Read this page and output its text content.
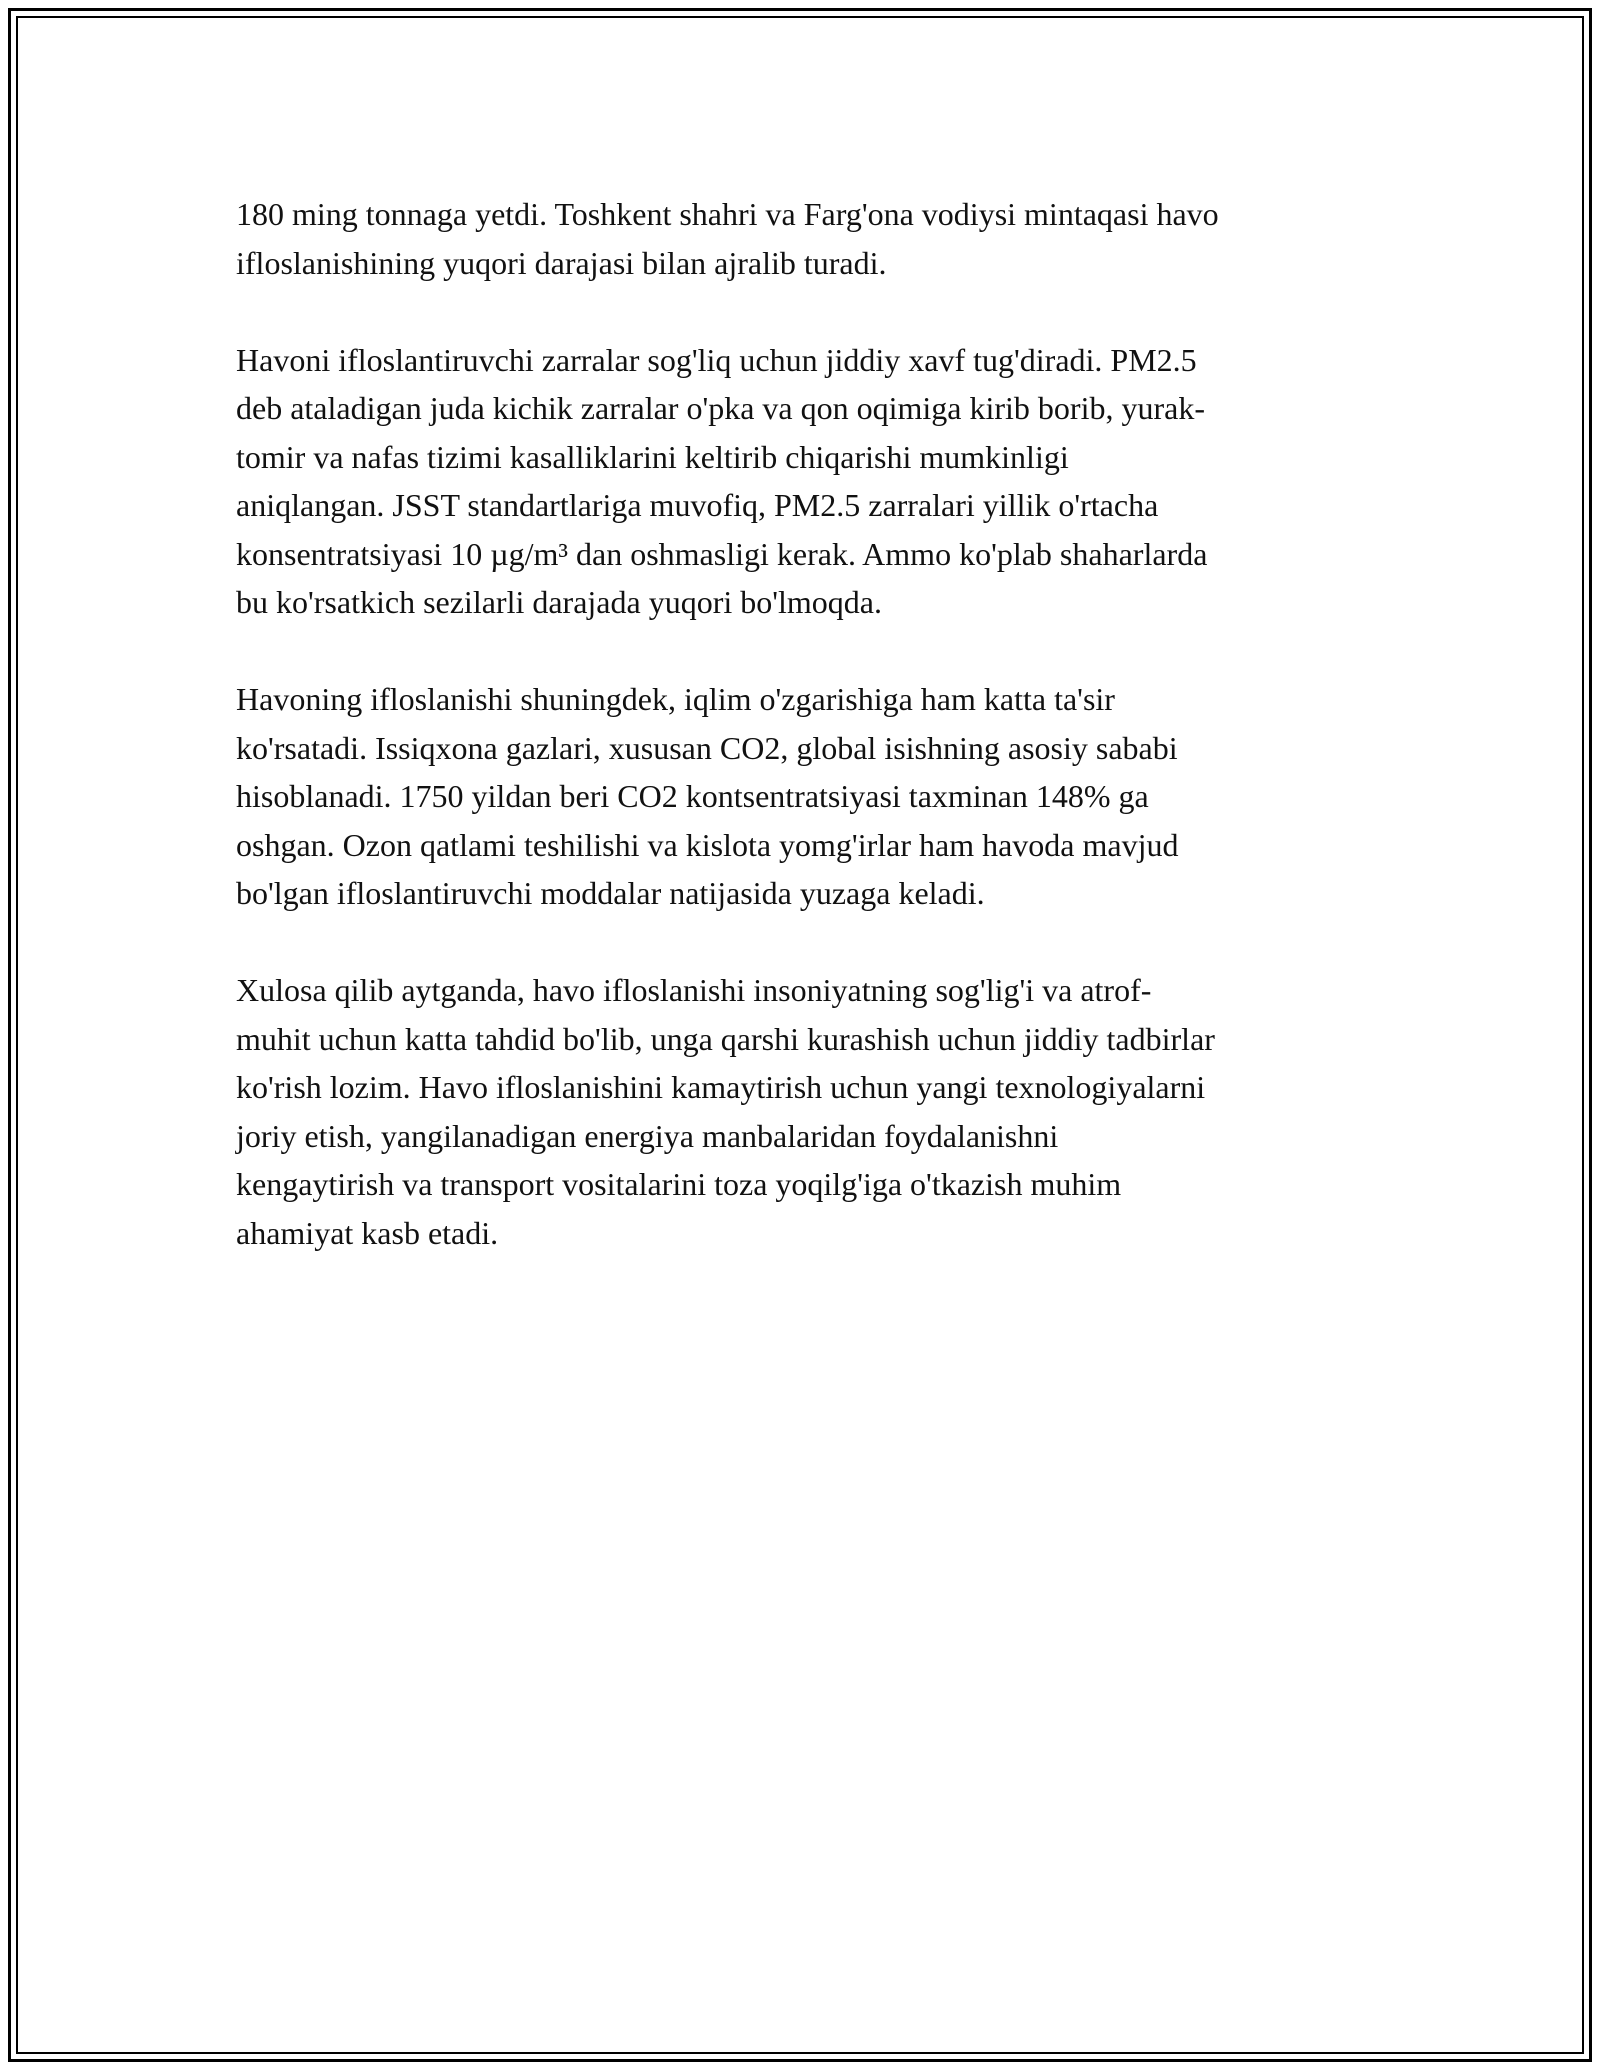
180 ming tonnaga yetdi. Toshkent shahri va Farg'ona vodiysi mintaqasi havo
ifloslanishining yuqori darajasi bilan ajralib turadi.

Havoni ifloslantiruvchi zarralar sog'liq uchun jiddiy xavf tug'diradi. PM2.5
deb ataladigan juda kichik zarralar o'pka va qon oqimiga kirib borib, yurak-
tomir va nafas tizimi kasalliklarini keltirib chiqarishi mumkinligi
aniqlangan. JSST standartlariga muvofiq, PM2.5 zarralari yillik o'rtacha
konsentratsiyasi 10 µg/m³ dan oshmasligi kerak. Ammo ko'plab shaharlarda
bu ko'rsatkich sezilarli darajada yuqori bo'lmoqda.

Havoning ifloslanishi shuningdek, iqlim o'zgarishiga ham katta ta'sir
ko'rsatadi. Issiqxona gazlari, xususan CO2, global isishning asosiy sababi
hisoblanadi. 1750 yildan beri CO2 kontsentratsiyasi taxminan 148% ga
oshgan. Ozon qatlami teshilishi va kislota yomg'irlar ham havoda mavjud
bo'lgan ifloslantiruvchi moddalar natijasida yuzaga keladi.

Xulosa qilib aytganda, havo ifloslanishi insoniyatning sog'lig'i va atrof-
muhit uchun katta tahdid bo'lib, unga qarshi kurashish uchun jiddiy tadbirlar
ko'rish lozim. Havo ifloslanishini kamaytirish uchun yangi texnologiyalarni
joriy etish, yangilanadigan energiya manbalaridan foydalanishni
kengaytirish va transport vositalarini toza yoqilg'iga o'tkazish muhim
ahamiyat kasb etadi.
